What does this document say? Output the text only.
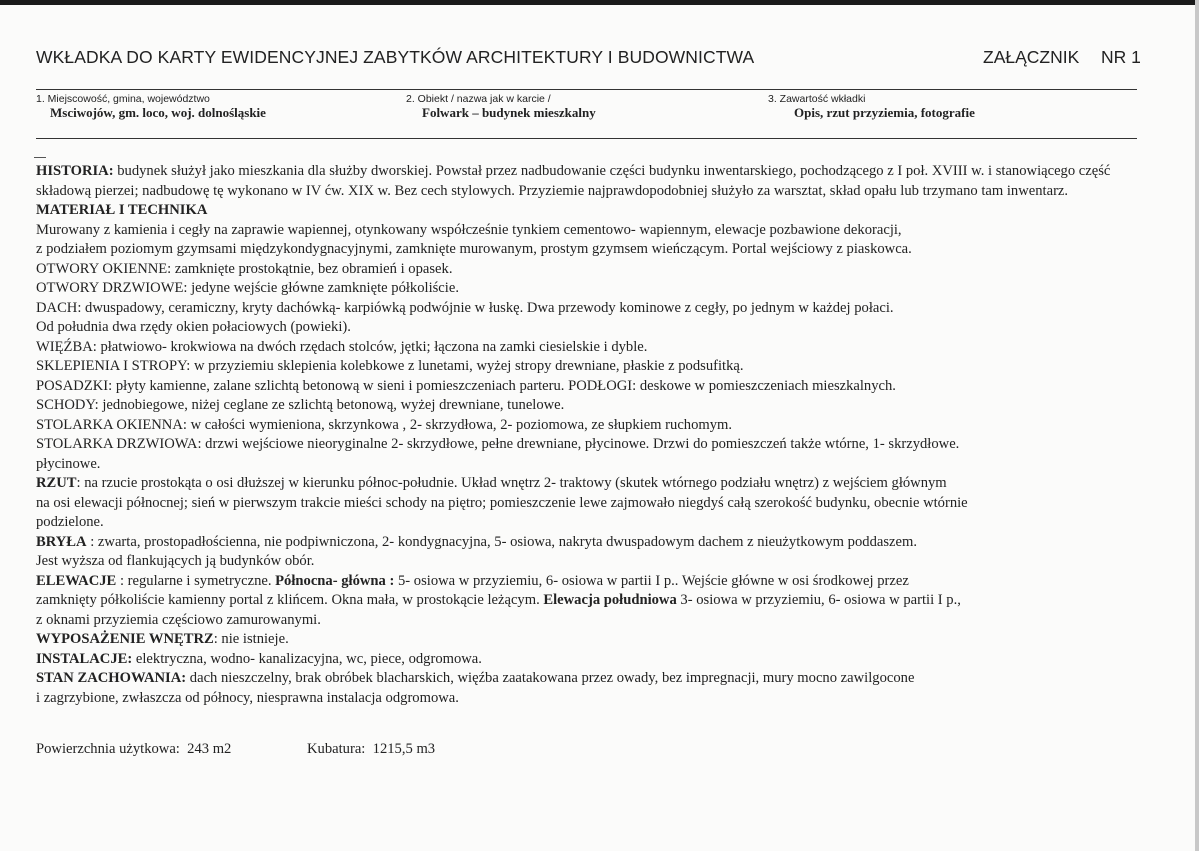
WKŁADKA DO KARTY EWIDENCYJNEJ ZABYTKÓW ARCHITEKTURY I BUDOWNICTWA	ZAŁĄCZNIK NR 1
1. Miejscowość, gmina, województwo
Msciwojów, gm. loco, woj. dolnośląskie
2. Obiekt / nazwa jak w karcie /
Folwark – budynek mieszkalny
3. Zawartość wkładki
Opis, rzut przyziemia, fotografie

HISTORIA: budynek służył jako mieszkania dla służby dworskiej. Powstał przez nadbudowanie części budynku inwentarskiego, pochodzącego z I poł. XVIII w. i stanowiącego część składową pierzei; nadbudowę tę wykonano w IV ćw. XIX w. Bez cech stylowych. Przyziemie najprawdopodobniej służyło za warsztat, skład opału lub trzymano tam inwentarz.

MATERIAŁ I TECHNIKA

Murowany z kamienia i cegły na zaprawie wapiennej, otynkowany współcześnie tynkiem cementowo- wapiennym, elewacje pozbawione dekoracji,

z podziałem poziomym gzymsami międzykondygnacyjnymi, zamknięte murowanym, prostym gzymsem wieńczącym. Portal wejściowy z piaskowca.

OTWORY OKIENNE: zamknięte prostokątnie, bez obramień i opasek.

OTWORY DRZWIOWE: jedyne wejście główne zamknięte półkoliście.

DACH: dwuspadowy, ceramiczny, kryty dachówką- karpiówką podwójnie w łuskę. Dwa przewody kominowe z cegły, po jednym w każdej połaci.

Od południa dwa rzędy okien połaciowych (powieki).

WIĘŹBA: płatwiowo- krokwiowa na dwóch rzędach stolców, jętki; łączona na zamki ciesielskie i dyble.

SKLEPIENIA I STROPY: w przyziemiu sklepienia kolebkowe z lunetami, wyżej stropy drewniane, płaskie z podsufitką.

POSADZKI: płyty kamienne, zalane szlichtą betonową w sieni i pomieszczeniach parteru. PODŁOGI: deskowe w pomieszczeniach mieszkalnych.

SCHODY: jednobiegowe, niżej ceglane ze szlichtą betonową, wyżej drewniane, tunelowe.

STOLARKA OKIENNA: w całości wymieniona, skrzynkowa , 2- skrzydłowa, 2- poziomowa, ze słupkiem ruchomym.

STOLARKA DRZWIOWA: drzwi wejściowe nieoryginalne 2- skrzydłowe, pełne drewniane, płycinowe. Drzwi do pomieszczeń także wtórne, 1- skrzydłowe.

płycinowe.

RZUT: na rzucie prostokąta o osi dłuższej w kierunku północ-południe. Układ wnętrz 2- traktowy (skutek wtórnego podziału wnętrz) z wejściem głównym

na osi elewacji północnej; sień w pierwszym trakcie mieści schody na piętro; pomieszczenie lewe zajmowało niegdyś całą szerokość budynku, obecnie wtórnie

podzielone.

BRYŁA : zwarta, prostopadłościenna, nie podpiwniczona, 2- kondygnacyjna, 5- osiowa, nakryta dwuspadowym dachem z nieużytkowym poddaszem.

Jest wyższa od flankujących ją budynków obór.

ELEWACJE : regularne i symetryczne. Północna- główna : 5- osiowa w przyziemiu, 6- osiowa w partii I p.. Wejście główne w osi środkowej przez

zamknięty półkoliście kamienny portal z klińcem. Okna mała, w prostokącie leżącym. Elewacja południowa 3- osiowa w przyziemiu, 6- osiowa w partii I p.,

z oknami przyziemia częściowo zamurowanymi.

WYPOSAŻENIE WNĘTRZ: nie istnieje.

INSTALACJE: elektryczna, wodno- kanalizacyjna, wc, piece, odgromowa.

STAN ZACHOWANIA: dach nieszczelny, brak obróbek blacharskich, więźba zaatakowana przez owady, bez impregnacji, mury mocno zawilgocone

i zagrzybione, zwłaszcza od północy, niesprawna instalacja odgromowa.

Powierzchnia użytkowa: 243 m2	Kubatura: 1215,5 m3
